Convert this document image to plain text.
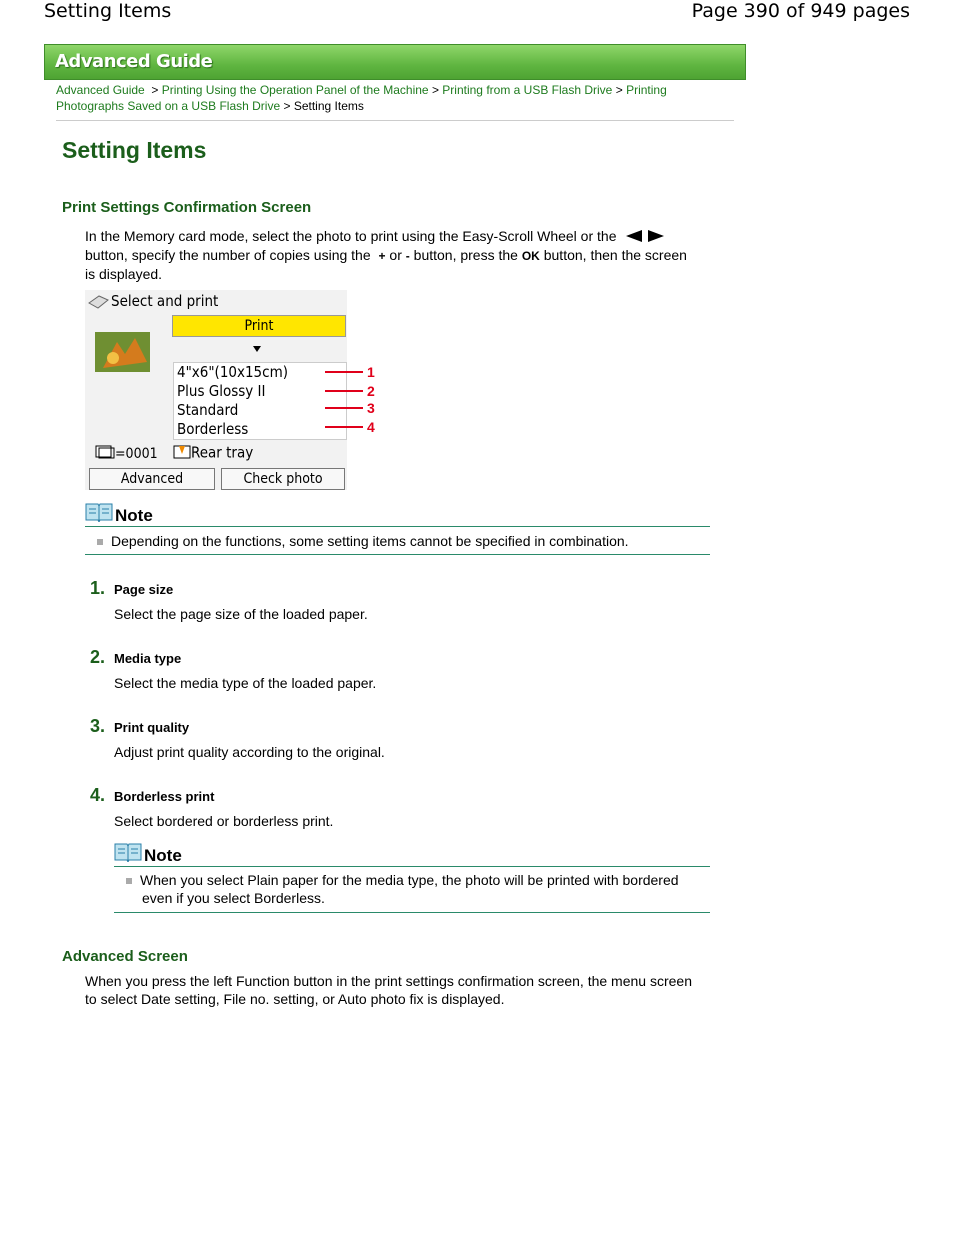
Setting Items	Page 390 of 949 pages
Advanced Guide
Advanced Guide > Printing Using the Operation Panel of the Machine > Printing from a USB Flash Drive > Printing Photographs Saved on a USB Flash Drive > Setting Items
Setting Items
Print Settings Confirmation Screen
In the Memory card mode, select the photo to print using the Easy-Scroll Wheel or the
button, specify the number of copies using the + or - button, press the OK button, then the screen
is displayed.
Select and print
Print
4"x6"(10x15cm)
Plus Glossy II
Standard
Borderless
=0001	Rear tray
Advanced	Check photo
1
2
3
4
Note
Depending on the functions, some setting items cannot be specified in combination.
1. Page size
Select the page size of the loaded paper.
2. Media type
Select the media type of the loaded paper.
3. Print quality
Adjust print quality according to the original.
4. Borderless print
Select bordered or borderless print.
Note
When you select Plain paper for the media type, the photo will be printed with bordered
even if you select Borderless.
Advanced Screen
When you press the left Function button in the print settings confirmation screen, the menu screen
to select Date setting, File no. setting, or Auto photo fix is displayed.
